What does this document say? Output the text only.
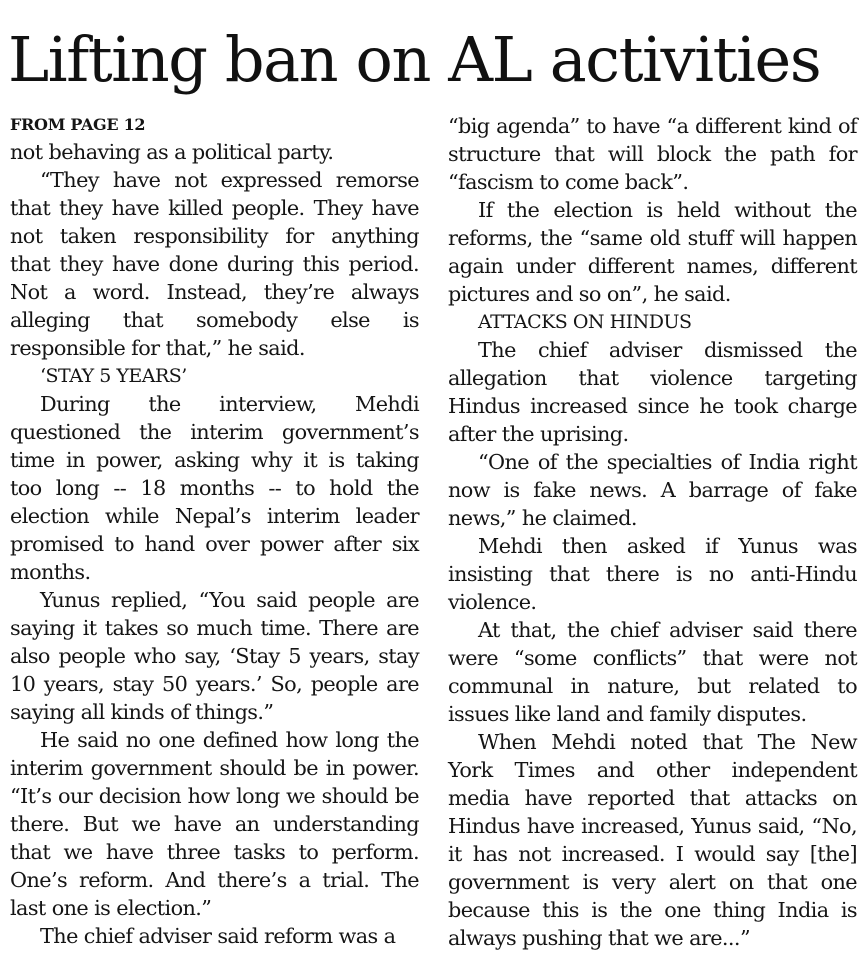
Lifting ban on AL activities

FROM PAGE 12

not behaving as a political party.

“They have not expressed remorse that they have killed people. They have not taken responsibility for anything that they have done during this period. Not a word. Instead, they’re always alleging that somebody else is responsible for that,” he said.

‘STAY 5 YEARS’

During the interview, Mehdi questioned the interim government’s time in power, asking why it is taking too long -- 18 months -- to hold the election while Nepal’s interim leader promised to hand over power after six months.

Yunus replied, “You said people are saying it takes so much time. There are also people who say, ‘Stay 5 years, stay 10 years, stay 50 years.’ So, people are saying all kinds of things.”

He said no one defined how long the interim government should be in power. “It’s our decision how long we should be there. But we have an understanding that we have three tasks to perform. One’s reform. And there’s a trial. The last one is election.”

The chief adviser said reform was a

“big agenda” to have “a different kind of structure that will block the path for “fascism to come back”.

If the election is held without the reforms, the “same old stuff will happen again under different names, different pictures and so on”, he said.

ATTACKS ON HINDUS

The chief adviser dismissed the allegation that violence targeting Hindus increased since he took charge after the uprising.

“One of the specialties of India right now is fake news. A barrage of fake news,” he claimed.

Mehdi then asked if Yunus was insisting that there is no anti-Hindu violence.

At that, the chief adviser said there were “some conflicts” that were not communal in nature, but related to issues like land and family disputes.

When Mehdi noted that The New York Times and other independent media have reported that attacks on Hindus have increased, Yunus said, “No, it has not increased. I would say [the] government is very alert on that one because this is the one thing India is always pushing that we are...”
